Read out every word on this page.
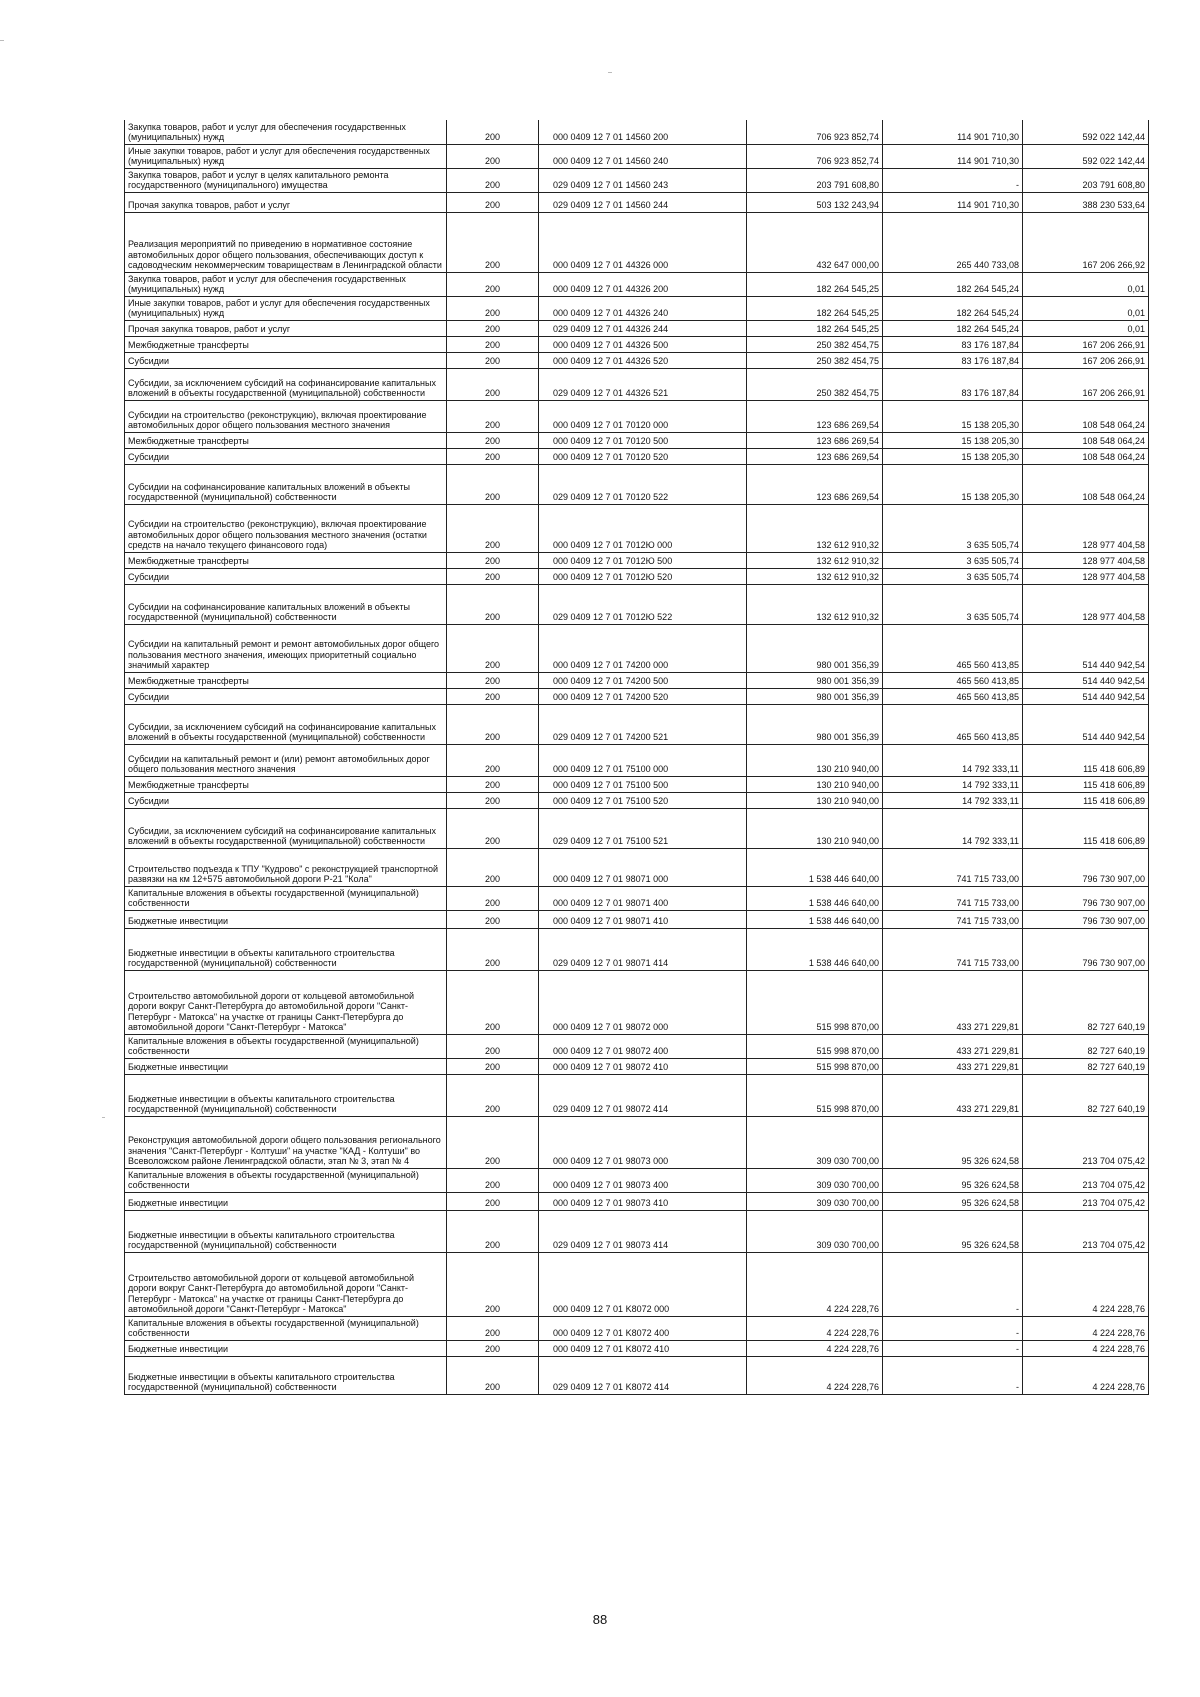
Закупка товаров, работ и услуг для обеспечения государственных (муниципальных) нужд	200	000 0409 12 7 01 14560 200	706 923 852,74	114 901 710,30	592 022 142,44
Иные закупки товаров, работ и услуг для обеспечения государственных (муниципальных) нужд	200	000 0409 12 7 01 14560 240	706 923 852,74	114 901 710,30	592 022 142,44
Закупка товаров, работ и услуг в целях капитального ремонта государственного (муниципального) имущества	200	029 0409 12 7 01 14560 243	203 791 608,80	-	203 791 608,80
Прочая закупка товаров, работ и услуг	200	029 0409 12 7 01 14560 244	503 132 243,94	114 901 710,30	388 230 533,64
Реализация мероприятий по приведению в нормативное состояние автомобильных дорог общего пользования, обеспечивающих доступ к садоводческим некоммерческим товариществам в Ленинградской области	200	000 0409 12 7 01 44326 000	432 647 000,00	265 440 733,08	167 206 266,92
Закупка товаров, работ и услуг для обеспечения государственных (муниципальных) нужд	200	000 0409 12 7 01 44326 200	182 264 545,25	182 264 545,24	0,01
Иные закупки товаров, работ и услуг для обеспечения государственных (муниципальных) нужд	200	000 0409 12 7 01 44326 240	182 264 545,25	182 264 545,24	0,01
Прочая закупка товаров, работ и услуг	200	029 0409 12 7 01 44326 244	182 264 545,25	182 264 545,24	0,01
Межбюджетные трансферты	200	000 0409 12 7 01 44326 500	250 382 454,75	83 176 187,84	167 206 266,91
Субсидии	200	000 0409 12 7 01 44326 520	250 382 454,75	83 176 187,84	167 206 266,91
Субсидии, за исключением субсидий на софинансирование капитальных вложений в объекты государственной (муниципальной) собственности	200	029 0409 12 7 01 44326 521	250 382 454,75	83 176 187,84	167 206 266,91
Субсидии на строительство (реконструкцию), включая проектирование автомобильных дорог общего пользования местного значения	200	000 0409 12 7 01 70120 000	123 686 269,54	15 138 205,30	108 548 064,24
Межбюджетные трансферты	200	000 0409 12 7 01 70120 500	123 686 269,54	15 138 205,30	108 548 064,24
Субсидии	200	000 0409 12 7 01 70120 520	123 686 269,54	15 138 205,30	108 548 064,24
Субсидии на софинансирование капитальных вложений в объекты государственной (муниципальной) собственности	200	029 0409 12 7 01 70120 522	123 686 269,54	15 138 205,30	108 548 064,24
Субсидии на строительство (реконструкцию), включая проектирование автомобильных дорог общего пользования местного значения (остатки средств на начало текущего финансового года)	200	000 0409 12 7 01 7012Ю 000	132 612 910,32	3 635 505,74	128 977 404,58
Межбюджетные трансферты	200	000 0409 12 7 01 7012Ю 500	132 612 910,32	3 635 505,74	128 977 404,58
Субсидии	200	000 0409 12 7 01 7012Ю 520	132 612 910,32	3 635 505,74	128 977 404,58
Субсидии на софинансирование капитальных вложений в объекты государственной (муниципальной) собственности	200	029 0409 12 7 01 7012Ю 522	132 612 910,32	3 635 505,74	128 977 404,58
Субсидии на капитальный ремонт и ремонт автомобильных дорог общего пользования местного значения, имеющих приоритетный социально значимый характер	200	000 0409 12 7 01 74200 000	980 001 356,39	465 560 413,85	514 440 942,54
Межбюджетные трансферты	200	000 0409 12 7 01 74200 500	980 001 356,39	465 560 413,85	514 440 942,54
Субсидии	200	000 0409 12 7 01 74200 520	980 001 356,39	465 560 413,85	514 440 942,54
Субсидии, за исключением субсидий на софинансирование капитальных вложений в объекты государственной (муниципальной) собственности	200	029 0409 12 7 01 74200 521	980 001 356,39	465 560 413,85	514 440 942,54
Субсидии на капитальный ремонт и (или) ремонт автомобильных дорог общего пользования местного значения	200	000 0409 12 7 01 75100 000	130 210 940,00	14 792 333,11	115 418 606,89
Межбюджетные трансферты	200	000 0409 12 7 01 75100 500	130 210 940,00	14 792 333,11	115 418 606,89
Субсидии	200	000 0409 12 7 01 75100 520	130 210 940,00	14 792 333,11	115 418 606,89
Субсидии, за исключением субсидий на софинансирование капитальных вложений в объекты государственной (муниципальной) собственности	200	029 0409 12 7 01 75100 521	130 210 940,00	14 792 333,11	115 418 606,89
Строительство подъезда к ТПУ "Кудрово" с реконструкцией транспортной развязки на км 12+575 автомобильной дороги Р-21 "Кола"	200	000 0409 12 7 01 98071 000	1 538 446 640,00	741 715 733,00	796 730 907,00
Капитальные вложения в объекты государственной (муниципальной) собственности	200	000 0409 12 7 01 98071 400	1 538 446 640,00	741 715 733,00	796 730 907,00
Бюджетные инвестиции	200	000 0409 12 7 01 98071 410	1 538 446 640,00	741 715 733,00	796 730 907,00
Бюджетные инвестиции в объекты капитального строительства государственной (муниципальной) собственности	200	029 0409 12 7 01 98071 414	1 538 446 640,00	741 715 733,00	796 730 907,00
Строительство автомобильной дороги от кольцевой автомобильной дороги вокруг Санкт-Петербурга до автомобильной дороги "Санкт-Петербург - Матокса" на участке от границы Санкт-Петербурга до автомобильной дороги "Санкт-Петербург - Матокса"	200	000 0409 12 7 01 98072 000	515 998 870,00	433 271 229,81	82 727 640,19
Капитальные вложения в объекты государственной (муниципальной) собственности	200	000 0409 12 7 01 98072 400	515 998 870,00	433 271 229,81	82 727 640,19
Бюджетные инвестиции	200	000 0409 12 7 01 98072 410	515 998 870,00	433 271 229,81	82 727 640,19
Бюджетные инвестиции в объекты капитального строительства государственной (муниципальной) собственности	200	029 0409 12 7 01 98072 414	515 998 870,00	433 271 229,81	82 727 640,19
Реконструкция автомобильной дороги общего пользования регионального значения "Санкт-Петербург - Колтуши" на участке "КАД - Колтуши" во Всеволожском районе Ленинградской области, этап № 3, этап № 4	200	000 0409 12 7 01 98073 000	309 030 700,00	95 326 624,58	213 704 075,42
Капитальные вложения в объекты государственной (муниципальной) собственности	200	000 0409 12 7 01 98073 400	309 030 700,00	95 326 624,58	213 704 075,42
Бюджетные инвестиции	200	000 0409 12 7 01 98073 410	309 030 700,00	95 326 624,58	213 704 075,42
Бюджетные инвестиции в объекты капитального строительства государственной (муниципальной) собственности	200	029 0409 12 7 01 98073 414	309 030 700,00	95 326 624,58	213 704 075,42
Строительство автомобильной дороги от кольцевой автомобильной дороги вокруг Санкт-Петербурга до автомобильной дороги "Санкт-Петербург - Матокса" на участке от границы Санкт-Петербурга до автомобильной дороги "Санкт-Петербург - Матокса"	200	000 0409 12 7 01 K8072 000	4 224 228,76	-	4 224 228,76
Капитальные вложения в объекты государственной (муниципальной) собственности	200	000 0409 12 7 01 K8072 400	4 224 228,76	-	4 224 228,76
Бюджетные инвестиции	200	000 0409 12 7 01 K8072 410	4 224 228,76	-	4 224 228,76
Бюджетные инвестиции в объекты капитального строительства государственной (муниципальной) собственности	200	029 0409 12 7 01 K8072 414	4 224 228,76	-	4 224 228,76
88
